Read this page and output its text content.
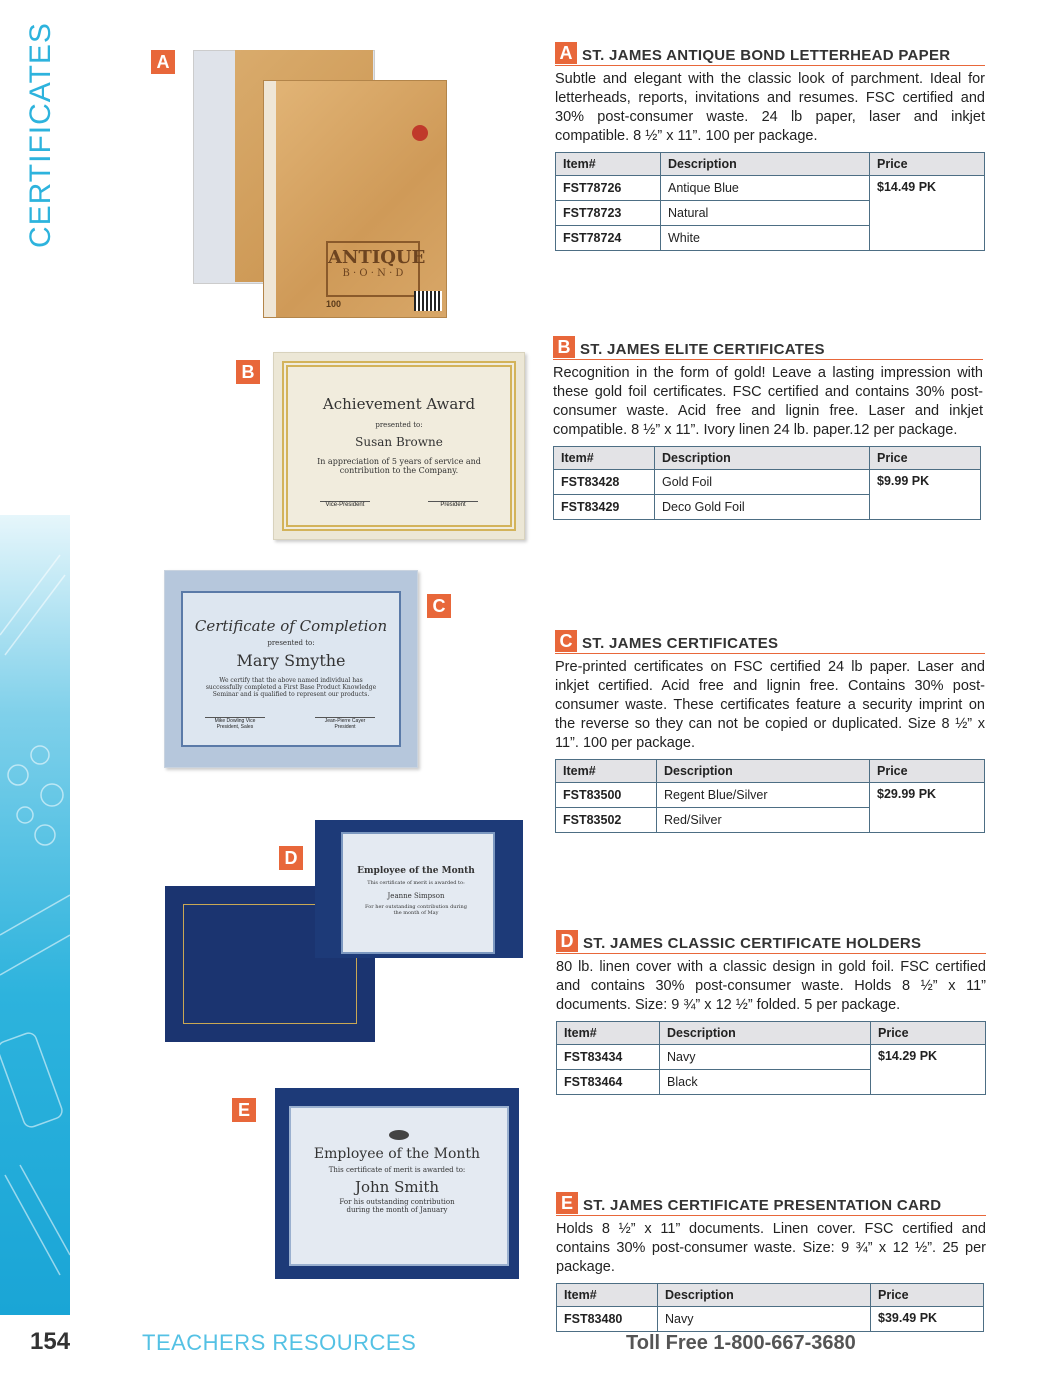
CERTIFICATES	A
ANTIQUE
B · O · N · D
100
A ST. JAMES ANTIQUE BOND LETTERHEAD PAPER
Subtle and elegant with the classic look of parchment. Ideal for letterheads, reports, invitations and resumes. FSC certified and 30% post-consumer waste. 24 lb paper, laser and inkjet compatible. 8 ½” x 11”. 100 per package.
Item#	Description	Price
FST78726	Antique Blue	$14.49 PK
FST78723	Natural	
FST78724	White	
B
Achievement Award
presented to:
Susan Browne
In appreciation of 5 years of service and contribution to the Company.
Vice-President	President
B ST. JAMES ELITE CERTIFICATES
Recognition in the form of gold! Leave a lasting impression with these gold foil certificates. FSC certified and contains 30% post-consumer waste. Acid free and lignin free. Laser and inkjet compatible. 8 ½” x 11”. Ivory linen 24 lb. paper.12 per package.
Item#	Description	Price
FST83428	Gold Foil	$9.99 PK
FST83429	Deco Gold Foil	
C
Certificate of Completion
presented to:
Mary Smythe
We certify that the above named individual has successfully completed a First Base Product Knowledge Seminar and is qualified to represent our products.
Mike Dowling Vice President, Sales
Jean-Pierre Cayer President
C ST. JAMES CERTIFICATES
Pre-printed certificates on FSC certified 24 lb paper. Laser and inkjet certified. Acid free and lignin free. Contains 30% post-consumer waste. These certificates feature a security imprint on the reverse so they can not be copied or duplicated. Size 8 ½” x 11”. 100 per package.
Item#	Description	Price
FST83500	Regent Blue/Silver	$29.99 PK
FST83502	Red/Silver	
D
Employee of the Month
This certificate of merit is awarded to:
Jeanne Simpson
For her outstanding contribution during the month of May
D ST. JAMES CLASSIC CERTIFICATE HOLDERS
80 lb. linen cover with a classic design in gold foil. FSC certified and contains 30% post-consumer waste. Holds 8 ½” x 11” documents. Size: 9 ¾” x 12 ½” folded. 5 per package.
Item#	Description	Price
FST83434	Navy	$14.29 PK
FST83464	Black	
E
Employee of the Month
This certificate of merit is awarded to:
John Smith
For his outstanding contribution during the month of January	E ST. JAMES CERTIFICATE PRESENTATION CARD
Holds 8 ½” x 11” documents. Linen cover. FSC certified and contains 30% post-consumer waste. Size: 9 ¾” x 12 ½”. 25 per package.
Item#	Description	Price
FST83480	Navy	$39.49 PK
154	TEACHERS RESOURCES	Toll Free 1-800-667-3680
